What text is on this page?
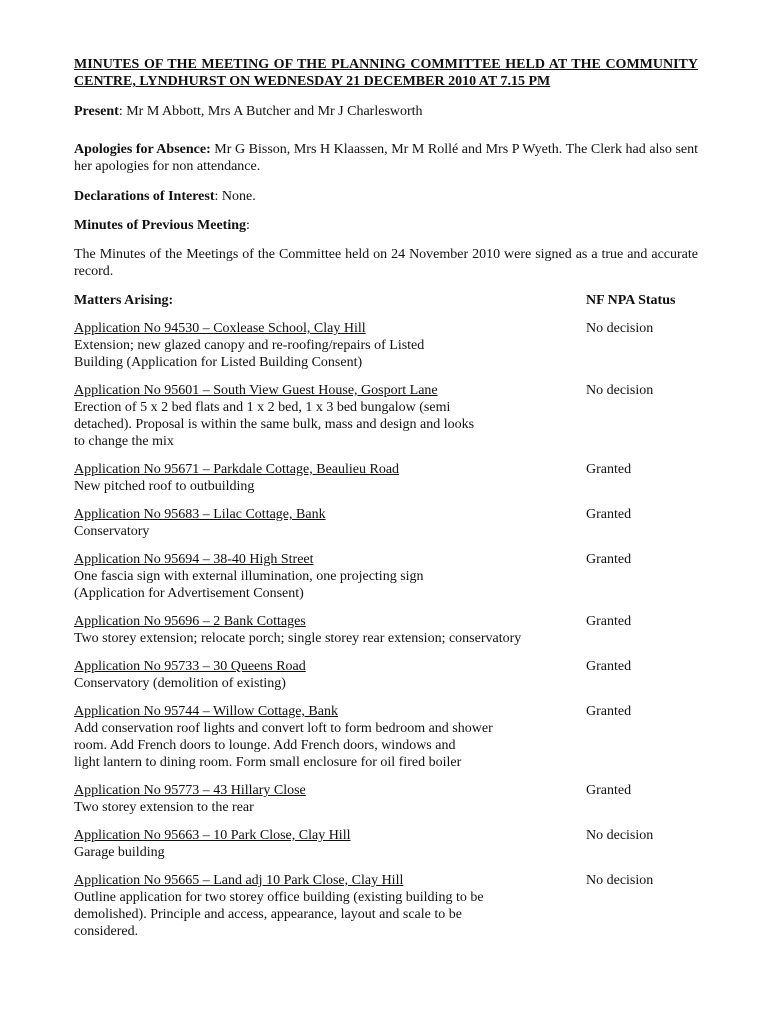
MINUTES OF THE MEETING OF THE PLANNING COMMITTEE HELD AT THE COMMUNITY CENTRE, LYNDHURST ON WEDNESDAY 21 DECEMBER 2010 AT 7.15 PM

Present: Mr M Abbott, Mrs A Butcher and Mr J Charlesworth

Apologies for Absence: Mr G Bisson, Mrs H Klaassen, Mr M Rollé and Mrs P Wyeth. The Clerk had also sent her apologies for non attendance.

Declarations of Interest: None.

Minutes of Previous Meeting:

The Minutes of the Meetings of the Committee held on 24 November 2010 were signed as a true and accurate record.

Matters Arising:	NF NPA Status
Application No 94530 – Coxlease School, Clay Hill
Extension; new glazed canopy and re-roofing/repairs of Listed
Building (Application for Listed Building Consent)
No decision
Application No 95601 – South View Guest House, Gosport Lane
Erection of 5 x 2 bed flats and 1 x 2 bed, 1 x 3 bed bungalow (semi
detached). Proposal is within the same bulk, mass and design and looks
to change the mix
No decision
Application No 95671 – Parkdale Cottage, Beaulieu Road
New pitched roof to outbuilding
Granted
Application No 95683 – Lilac Cottage, Bank
Conservatory
Granted
Application No 95694 – 38-40 High Street
One fascia sign with external illumination, one projecting sign
(Application for Advertisement Consent)
Granted
Application No 95696 – 2 Bank Cottages
Two storey extension; relocate porch; single storey rear extension; conservatory
Granted
Application No 95733 – 30 Queens Road
Conservatory (demolition of existing)
Granted
Application No 95744 – Willow Cottage, Bank
Add conservation roof lights and convert loft to form bedroom and shower
room. Add French doors to lounge. Add French doors, windows and
light lantern to dining room. Form small enclosure for oil fired boiler
Granted
Application No 95773 – 43 Hillary Close
Two storey extension to the rear
Granted
Application No 95663 – 10 Park Close, Clay Hill
Garage building
No decision
Application No 95665 – Land adj 10 Park Close, Clay Hill
Outline application for two storey office building (existing building to be
demolished). Principle and access, appearance, layout and scale to be
considered.
No decision
